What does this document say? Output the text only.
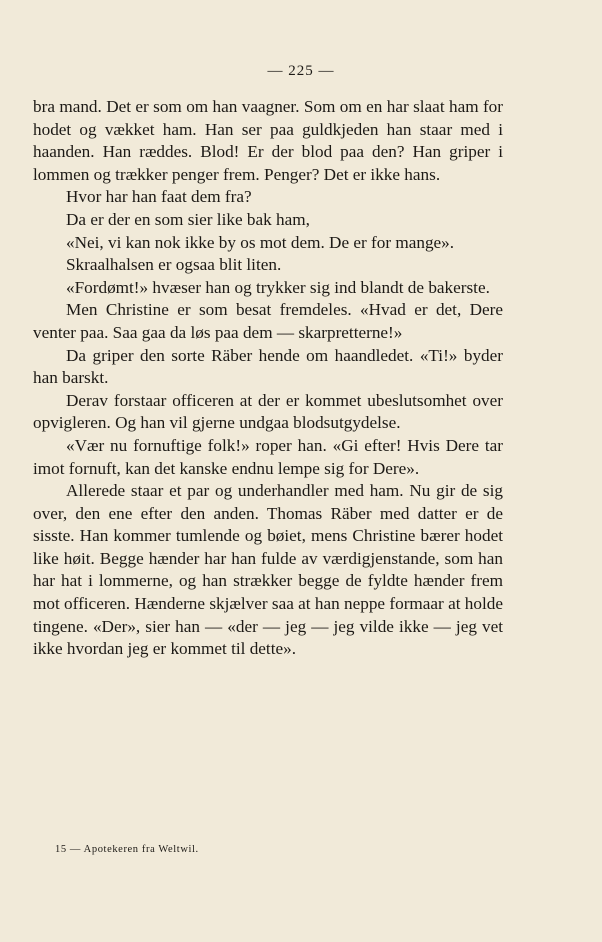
— 225 —

bra mand. Det er som om han vaagner. Som om en har slaat ham for hodet og vækket ham. Han ser paa guldkjeden han staar med i haanden. Han ræddes. Blod! Er der blod paa den? Han griper i lommen og trækker penger frem. Penger? Det er ikke hans.

Hvor har han faat dem fra?

Da er der en som sier like bak ham,

«Nei, vi kan nok ikke by os mot dem. De er for mange».

Skraalhalsen er ogsaa blit liten.

«Fordømt!» hvæser han og trykker sig ind blandt de bakerste.

Men Christine er som besat fremdeles. «Hvad er det, Dere venter paa. Saa gaa da løs paa dem — skarpretterne!»

Da griper den sorte Räber hende om haandledet. «Ti!» byder han barskt.

Derav forstaar officeren at der er kommet ubeslutsomhet over opvigleren. Og han vil gjerne undgaa blodsutgydelse.

«Vær nu fornuftige folk!» roper han. «Gi efter! Hvis Dere tar imot fornuft, kan det kanske endnu lempe sig for Dere».

Allerede staar et par og underhandler med ham. Nu gir de sig over, den ene efter den anden. Thomas Räber med datter er de sisste. Han kommer tumlende og bøiet, mens Christine bærer hodet like høit. Begge hænder har han fulde av værdigjenstande, som han har hat i lommerne, og han strækker begge de fyldte hænder frem mot officeren. Hænderne skjælver saa at han neppe formaar at holde tingene. «Der», sier han — «der — jeg — jeg vilde ikke — jeg vet ikke hvordan jeg er kommet til dette».

15 — Apotekeren fra Weltwil.
